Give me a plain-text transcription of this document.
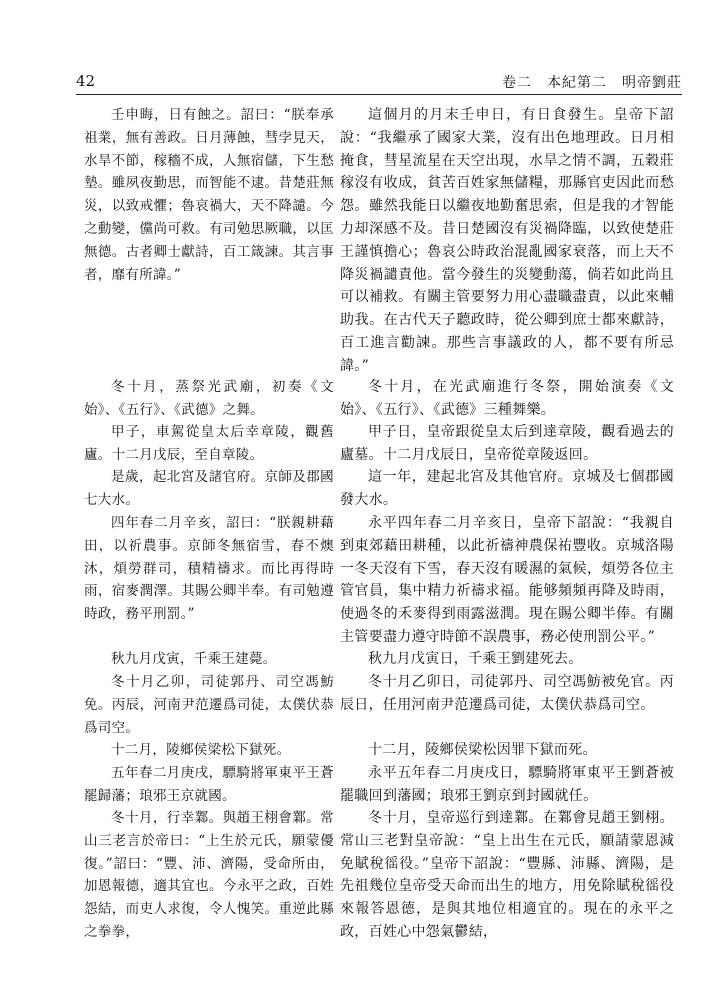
42	卷二　本紀第二　明帝劉莊

壬申晦，日有蝕之。詔曰：“朕奉承祖業，無有善政。日月薄蝕，彗孛見天，水旱不節，稼穡不成，人無宿儲，下生愁墊。雖夙夜勤思，而智能不逮。昔楚莊無災，以致戒懼；魯哀禍大，天不降譴。今之動變，儻尚可救。有司勉思厥職，以匡無德。古者卿士獻詩，百工箴諫。其言事者，靡有所諱。”

冬十月，蒸祭光武廟，初奏《文始》、《五行》、《武德》之舞。

甲子，車駕從皇太后幸章陵，觀舊廬。十二月戊辰，至自章陵。

是歲，起北宮及諸官府。京師及郡國七大水。

四年春二月辛亥，詔曰：“朕親耕藉田，以祈農事。京師冬無宿雪，春不燠沐，煩勞群司，積精禱求。而比再得時雨，宿麥潤澤。其賜公卿半奉。有司勉遵時政，務平刑罰。”

秋九月戊寅，千乘王建薨。

冬十月乙卯，司徒郭丹、司空馮魴免。丙辰，河南尹范遷爲司徒，太僕伏恭爲司空。

十二月，陵鄉侯梁松下獄死。

五年春二月庚戌，驃騎將軍東平王蒼罷歸藩；琅邪王京就國。

冬十月，行幸鄴。與趙王栩會鄴。常山三老言於帝曰：“上生於元氏，願蒙優復。”詔曰：“豐、沛、濟陽，受命所由，加恩報德，適其宜也。今永平之政，百姓怨結，而吏人求復，令人愧笑。重逆此縣之拳拳，

這個月的月末壬申日，有日食發生。皇帝下詔說：“我繼承了國家大業，沒有出色地理政。日月相掩食，彗星流星在天空出現，水旱之情不調，五穀莊稼沒有收成，貧苦百姓家無儲糧，那縣官吏因此而愁怨。雖然我能日以繼夜地勤奮思索，但是我的才智能力却深感不及。昔日楚國沒有災禍降臨，以致使楚莊王謹慎擔心；魯哀公時政治混亂國家衰落，而上天不降災禍譴責他。當今發生的災變動蕩，倘若如此尚且可以補救。有關主管要努力用心盡職盡責，以此來輔助我。在古代天子聽政時，從公卿到庶士都來獻詩，百工進言勸諫。那些言事議政的人，都不要有所忌諱。”

冬十月，在光武廟進行冬祭，開始演奏《文始》、《五行》、《武德》三種舞樂。

甲子日，皇帝跟從皇太后到達章陵，觀看過去的廬墓。十二月戊辰日，皇帝從章陵返回。

這一年，建起北宮及其他官府。京城及七個郡國發大水。

永平四年春二月辛亥日，皇帝下詔說：“我親自到東郊藉田耕種，以此祈禱神農保祐豐收。京城洛陽一冬天沒有下雪，春天沒有暖濕的氣候，煩勞各位主管官員，集中精力祈禱求福。能够頻頻再降及時雨，使過冬的禾麥得到雨露滋潤。現在賜公卿半俸。有關主管要盡力遵守時節不誤農事，務必使刑罰公平。”

秋九月戊寅日，千乘王劉建死去。

冬十月乙卯日，司徒郭丹、司空馮魴被免官。丙辰日，任用河南尹范遷爲司徒，太僕伏恭爲司空。

十二月，陵鄉侯梁松因罪下獄而死。

永平五年春二月庚戌日，驃騎將軍東平王劉蒼被罷職回到藩國；琅邪王劉京到封國就任。

冬十月，皇帝巡行到達鄴。在鄴會見趙王劉栩。常山三老對皇帝說：“皇上出生在元氏，願請蒙恩減免賦稅徭役。”皇帝下詔說：“豐縣、沛縣、濟陽，是先祖幾位皇帝受天命而出生的地方，用免除賦稅徭役來報答恩德，是與其地位相適宜的。現在的永平之政，百姓心中怨氣鬱結，
